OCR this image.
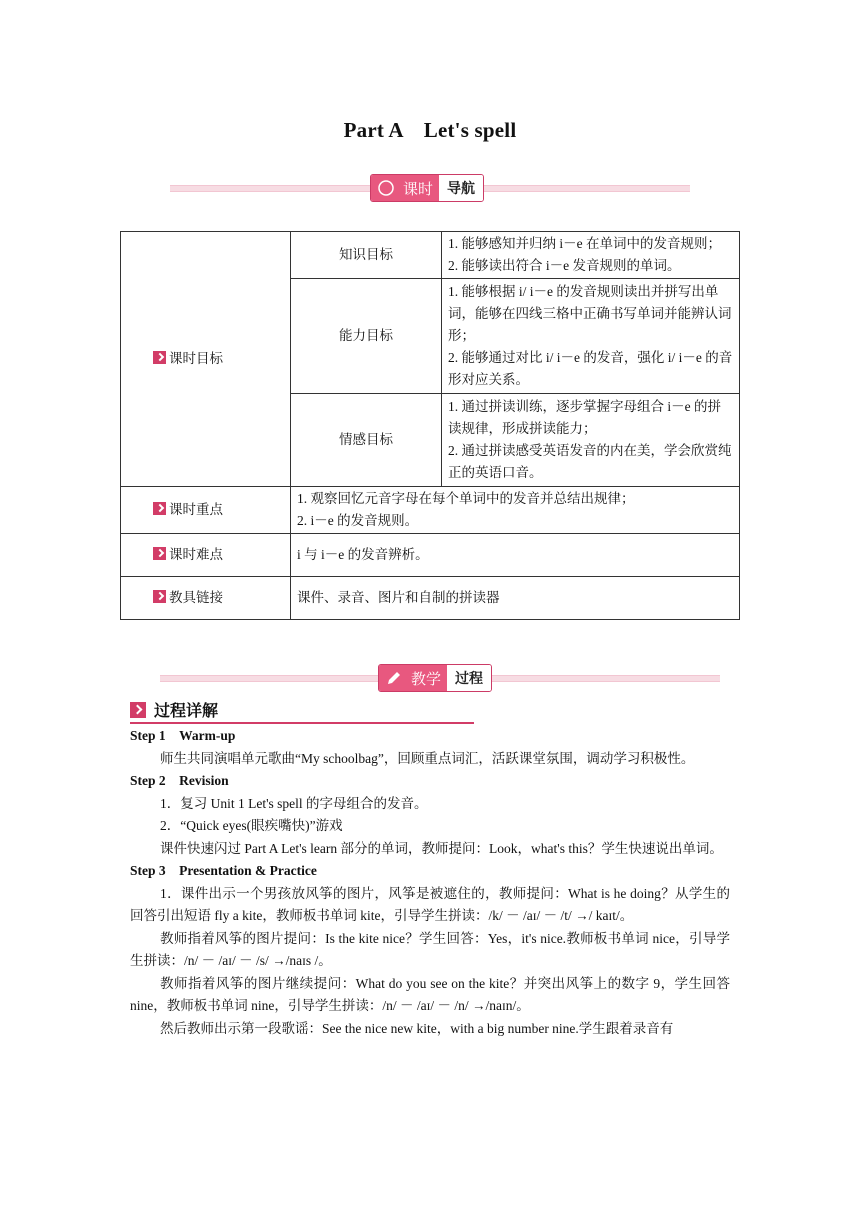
Part A　Let's spell
课时	导航
课时目标	知识目标	1. 能够感知并归纳 i－e 在单词中的发音规则；
2. 能够读出符合 i－e 发音规则的单词。

	能力目标	1. 能够根据 i/ i－e 的发音规则读出并拼写出单词，能够在四线三格中正确书写单词并能辨认词形；
2. 能够通过对比 i/ i－e 的发音，强化 i/ i－e 的音形对应关系。

	情感目标	1. 通过拼读训练，逐步掌握字母组合 i－e 的拼读规律，形成拼读能力；
2. 通过拼读感受英语发音的内在美，学会欣赏纯正的英语口音。

课时重点	1. 观察回忆元音字母在每个单词中的发音并总结出规律；
2. i－e 的发音规则。	

课时难点	i 与 i－e 的发音辨析。	
教具链接	课件、录音、图片和自制的拼读器	
教学	过程
过程详解

Step 1　Warm-up

师生共同演唱单元歌曲“My schoolbag”，回顾重点词汇，活跃课堂氛围，调动学习积极性。

Step 2　Revision

1．复习 Unit 1 Let's spell 的字母组合的发音。

2．“Quick eyes(眼疾嘴快)”游戏

课件快速闪过 Part A Let's learn 部分的单词，教师提问：Look，what's this？学生快速说出单词。

Step 3　Presentation & Practice

1．课件出示一个男孩放风筝的图片，风筝是被遮住的，教师提问：What is he doing？从学生的回答引出短语 fly a kite，教师板书单词 kite，引导学生拼读：/k/ － /aɪ/ － /t/ →/ kaɪt/。

教师指着风筝的图片提问：Is the kite nice？学生回答：Yes，it's nice.教师板书单词 nice，引导学生拼读：/n/ － /aɪ/ － /s/ →/naɪs /。

教师指着风筝的图片继续提问：What do you see on the kite？并突出风筝上的数字 9，学生回答 nine，教师板书单词 nine，引导学生拼读：/n/ － /aɪ/ － /n/ →/naɪn/。

然后教师出示第一段歌谣：See the nice new kite，with a big number nine.学生跟着录音有
